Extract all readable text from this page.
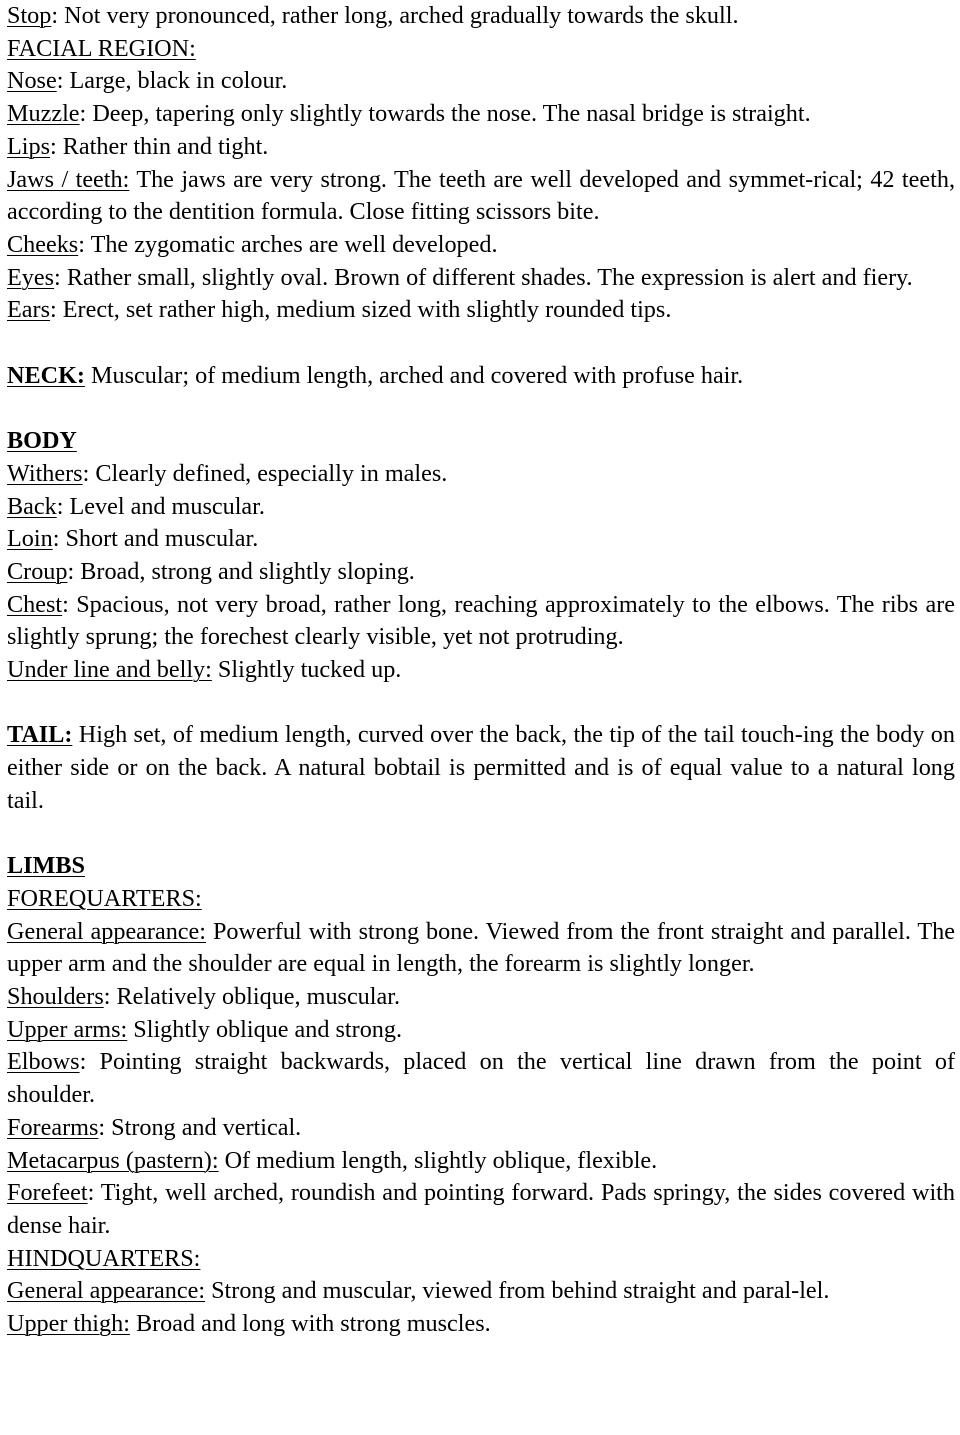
Stop: Not very pronounced, rather long, arched gradually towards the skull.

FACIAL REGION:

Nose: Large, black in colour.

Muzzle: Deep, tapering only slightly towards the nose. The nasal bridge is straight.

Lips: Rather thin and tight.

Jaws / teeth: The jaws are very strong. The teeth are well developed and symmet-rical; 42 teeth, according to the dentition formula. Close fitting scissors bite.

Cheeks: The zygomatic arches are well developed.

Eyes: Rather small, slightly oval. Brown of different shades. The expression is alert and fiery.

Ears: Erect, set rather high, medium sized with slightly rounded tips.

NECK: Muscular; of medium length, arched and covered with profuse hair.

BODY

Withers: Clearly defined, especially in males.

Back: Level and muscular.

Loin: Short and muscular.

Croup: Broad, strong and slightly sloping.

Chest: Spacious, not very broad, rather long, reaching approximately to the elbows. The ribs are slightly sprung; the forechest clearly visible, yet not protruding.

Under line and belly: Slightly tucked up.

TAIL: High set, of medium length, curved over the back, the tip of the tail touch-ing the body on either side or on the back. A natural bobtail is permitted and is of equal value to a natural long tail.

LIMBS

FOREQUARTERS:

General appearance: Powerful with strong bone. Viewed from the front straight and parallel. The upper arm and the shoulder are equal in length, the forearm is slightly longer.

Shoulders: Relatively oblique, muscular.

Upper arms: Slightly oblique and strong.

Elbows: Pointing straight backwards, placed on the vertical line drawn from the point of shoulder.

Forearms: Strong and vertical.

Metacarpus (pastern): Of medium length, slightly oblique, flexible.

Forefeet: Tight, well arched, roundish and pointing forward. Pads springy, the sides covered with dense hair.

HINDQUARTERS:

General appearance: Strong and muscular, viewed from behind straight and paral-lel.

Upper thigh: Broad and long with strong muscles.
